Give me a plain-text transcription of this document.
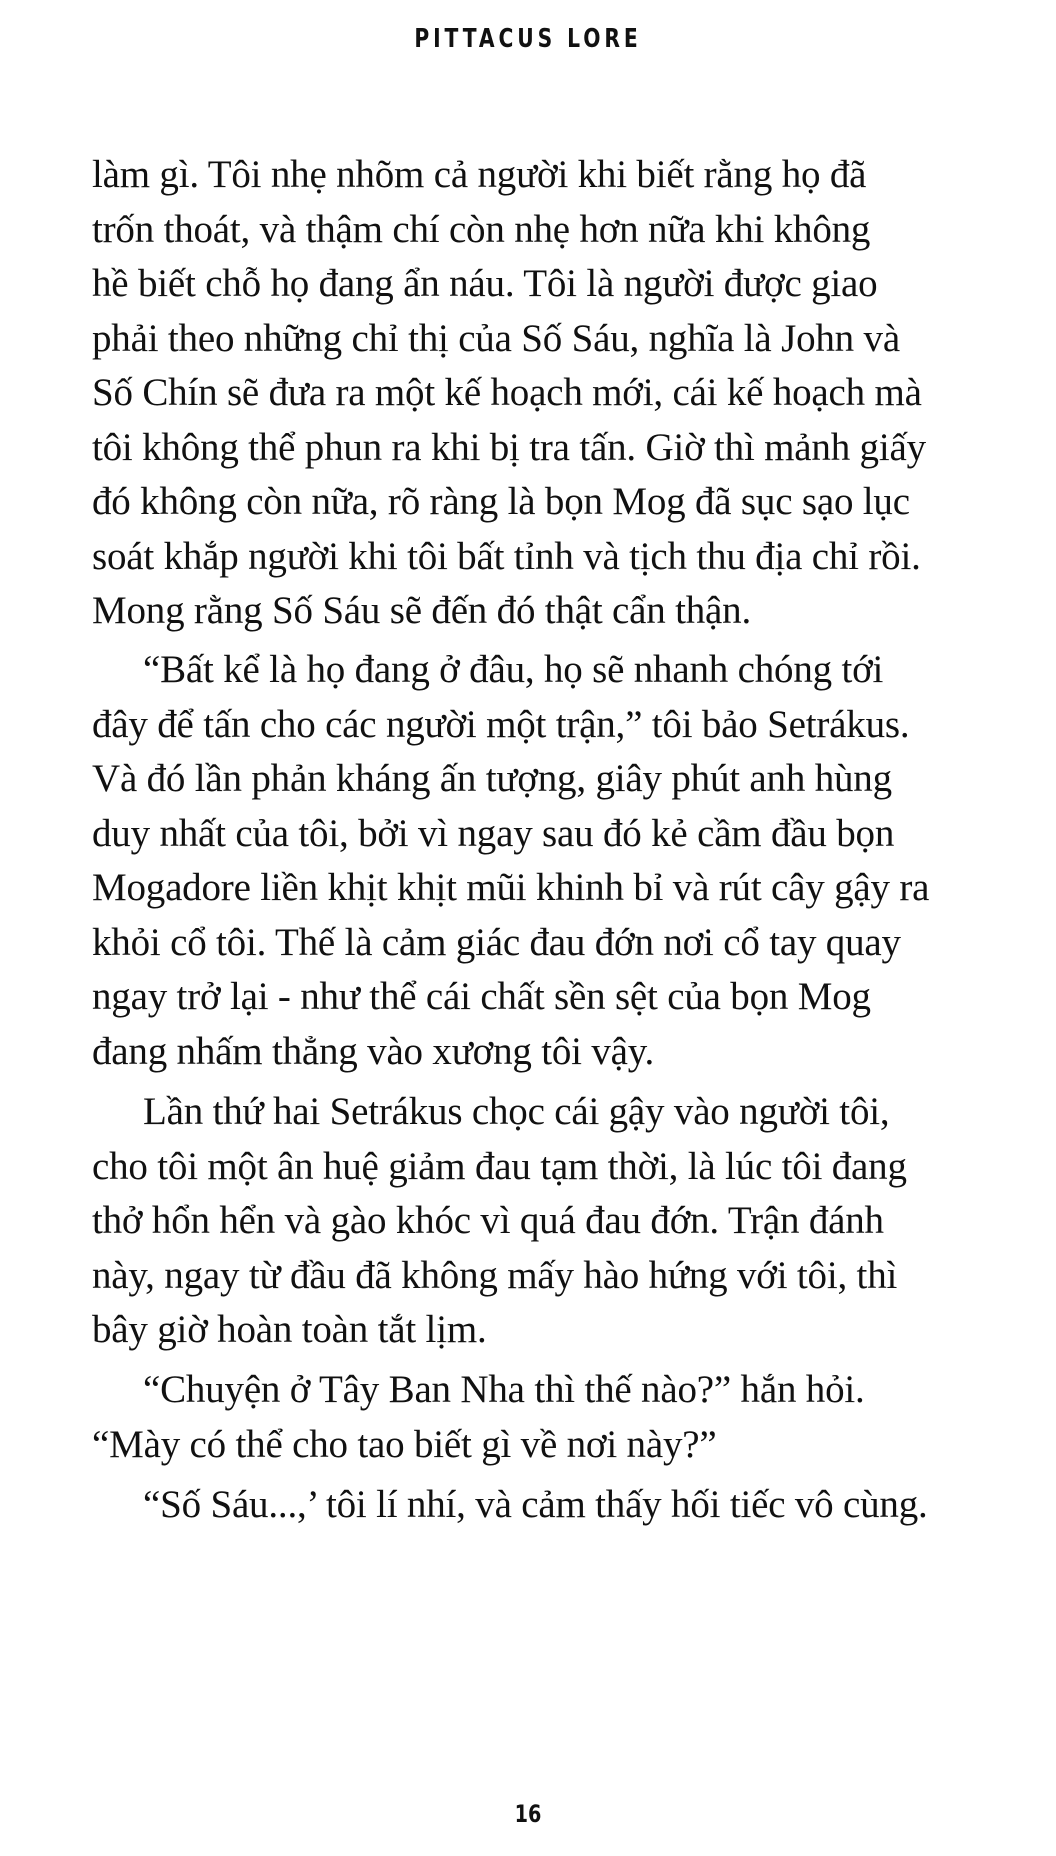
PITTACUS LORE
làm gì. Tôi nhẹ nhõm cả người khi biết rằng họ đã
trốn thoát, và thậm chí còn nhẹ hơn nữa khi không
hề biết chỗ họ đang ẩn náu. Tôi là người được giao
phải theo những chỉ thị của Số Sáu, nghĩa là John và
Số Chín sẽ đưa ra một kế hoạch mới, cái kế hoạch mà
tôi không thể phun ra khi bị tra tấn. Giờ thì mảnh giấy
đó không còn nữa, rõ ràng là bọn Mog đã sục sạo lục
soát khắp người khi tôi bất tỉnh và tịch thu địa chỉ rồi.
Mong rằng Số Sáu sẽ đến đó thật cẩn thận.
“Bất kể là họ đang ở đâu, họ sẽ nhanh chóng tới
đây để tấn cho các người một trận,” tôi bảo Setrákus.
Và đó lần phản kháng ấn tượng, giây phút anh hùng
duy nhất của tôi, bởi vì ngay sau đó kẻ cầm đầu bọn
Mogadore liền khịt khịt mũi khinh bỉ và rút cây gậy ra
khỏi cổ tôi. Thế là cảm giác đau đớn nơi cổ tay quay
ngay trở lại - như thể cái chất sền sệt của bọn Mog
đang nhấm thẳng vào xương tôi vậy.
Lần thứ hai Setrákus chọc cái gậy vào người tôi,
cho tôi một ân huệ giảm đau tạm thời, là lúc tôi đang
thở hổn hển và gào khóc vì quá đau đớn. Trận đánh
này, ngay từ đầu đã không mấy hào hứng với tôi, thì
bây giờ hoàn toàn tắt lịm.
“Chuyện ở Tây Ban Nha thì thế nào?” hắn hỏi.
“Mày có thể cho tao biết gì về nơi này?”
“Số Sáu...,’ tôi lí nhí, và cảm thấy hối tiếc vô cùng.
16
